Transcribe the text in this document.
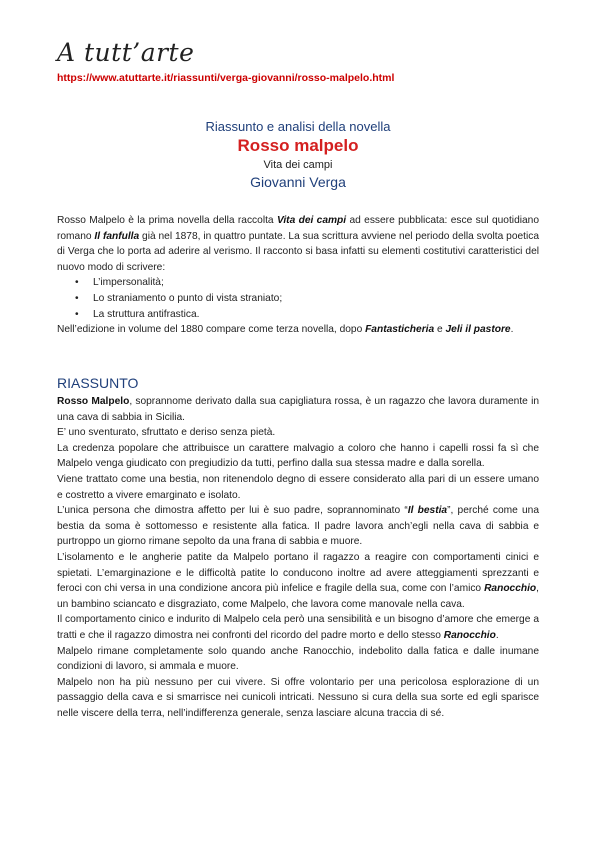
A tutt’arte
https://www.atuttarte.it/riassunti/verga-giovanni/rosso-malpelo.html
Riassunto e analisi della novella
Rosso malpelo
Vita dei campi
Giovanni Verga

Rosso Malpelo è la prima novella della raccolta Vita dei campi ad essere pubblicata: esce sul quotidiano romano Il fanfulla già nel 1878, in quattro puntate. La sua scrittura avviene nel periodo della svolta poetica di Verga che lo porta ad aderire al verismo. Il racconto si basa infatti su elementi costitutivi caratteristici del nuovo modo di scrivere:

• L’impersonalità;
• Lo straniamento o punto di vista straniato;
• La struttura antifrastica.

Nell’edizione in volume del 1880 compare come terza novella, dopo Fantasticheria e Jeli il pastore.

RIASSUNTO

Rosso Malpelo, soprannome derivato dalla sua capigliatura rossa, è un ragazzo che lavora duramente in una cava di sabbia in Sicilia.

E’ uno sventurato, sfruttato e deriso senza pietà.

La credenza popolare che attribuisce un carattere malvagio a coloro che hanno i capelli rossi fa sì che Malpelo venga giudicato con pregiudizio da tutti, perfino dalla sua stessa madre e dalla sorella.

Viene trattato come una bestia, non ritenendolo degno di essere considerato alla pari di un essere umano e costretto a vivere emarginato e isolato.

L’unica persona che dimostra affetto per lui è suo padre, soprannominato “Il bestia”, perché come una bestia da soma è sottomesso e resistente alla fatica. Il padre lavora anch’egli nella cava di sabbia e purtroppo un giorno rimane sepolto da una frana di sabbia e muore.

L’isolamento e le angherie patite da Malpelo portano il ragazzo a reagire con comportamenti cinici e spietati. L’emarginazione e le difficoltà patite lo conducono inoltre ad avere atteggiamenti sprezzanti e feroci con chi versa in una condizione ancora più infelice e fragile della sua, come con l’amico Ranocchio, un bambino sciancato e disgraziato, come Malpelo, che lavora come manovale nella cava.

Il comportamento cinico e indurito di Malpelo cela però una sensibilità e un bisogno d’amore che emerge a tratti e che il ragazzo dimostra nei confronti del ricordo del padre morto e dello stesso Ranocchio.

Malpelo rimane completamente solo quando anche Ranocchio, indebolito dalla fatica e dalle inumane condizioni di lavoro, si ammala e muore.

Malpelo non ha più nessuno per cui vivere. Si offre volontario per una pericolosa esplorazione di un passaggio della cava e si smarrisce nei cunicoli intricati. Nessuno si cura della sua sorte ed egli sparisce nelle viscere della terra, nell’indifferenza generale, senza lasciare alcuna traccia di sé.
